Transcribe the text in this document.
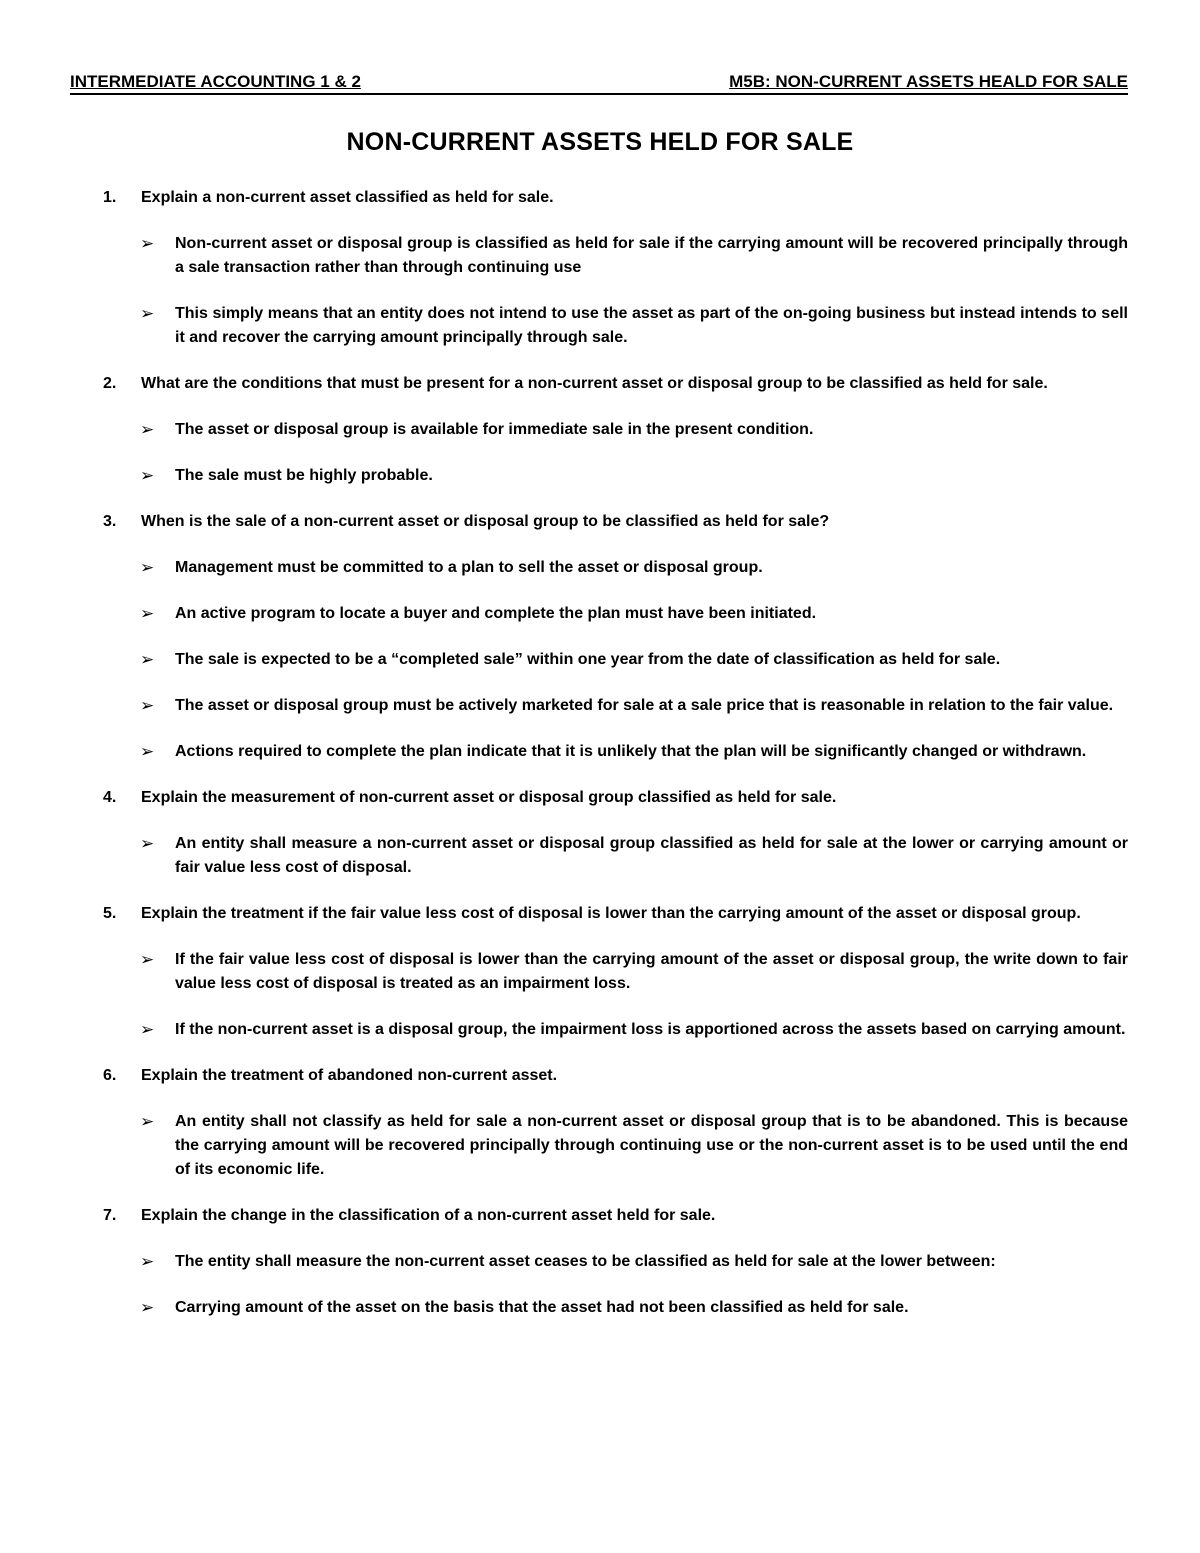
INTERMEDIATE ACCOUNTING 1 & 2	M5B: NON-CURRENT ASSETS HEALD FOR SALE
NON-CURRENT ASSETS HELD FOR SALE
1.	Explain a non-current asset classified as held for sale.
➢	Non-current asset or disposal group is classified as held for sale if the carrying amount will be recovered principally through a sale transaction rather than through continuing use
➢	This simply means that an entity does not intend to use the asset as part of the on-going business but instead intends to sell it and recover the carrying amount principally through sale.
2.	What are the conditions that must be present for a non-current asset or disposal group to be classified as held for sale.
➢	The asset or disposal group is available for immediate sale in the present condition.
➢	The sale must be highly probable.
3.	When is the sale of a non-current asset or disposal group to be classified as held for sale?
➢	Management must be committed to a plan to sell the asset or disposal group.
➢	An active program to locate a buyer and complete the plan must have been initiated.
➢	The sale is expected to be a “completed sale” within one year from the date of classification as held for sale.
➢	The asset or disposal group must be actively marketed for sale at a sale price that is reasonable in relation to the fair value.
➢	Actions required to complete the plan indicate that it is unlikely that the plan will be significantly changed or withdrawn.
4.	Explain the measurement of non-current asset or disposal group classified as held for sale.
➢	An entity shall measure a non-current asset or disposal group classified as held for sale at the lower or carrying amount or fair value less cost of disposal.
5.	Explain the treatment if the fair value less cost of disposal is lower than the carrying amount of the asset or disposal group.
➢	If the fair value less cost of disposal is lower than the carrying amount of the asset or disposal group, the write down to fair value less cost of disposal is treated as an impairment loss.
➢	If the non-current asset is a disposal group, the impairment loss is apportioned across the assets based on carrying amount.
6.	Explain the treatment of abandoned non-current asset.
➢	An entity shall not classify as held for sale a non-current asset or disposal group that is to be abandoned. This is because the carrying amount will be recovered principally through continuing use or the non-current asset is to be used until the end of its economic life.
7.	Explain the change in the classification of a non-current asset held for sale.
➢	The entity shall measure the non-current asset ceases to be classified as held for sale at the lower between:
➢	Carrying amount of the asset on the basis that the asset had not been classified as held for sale.
